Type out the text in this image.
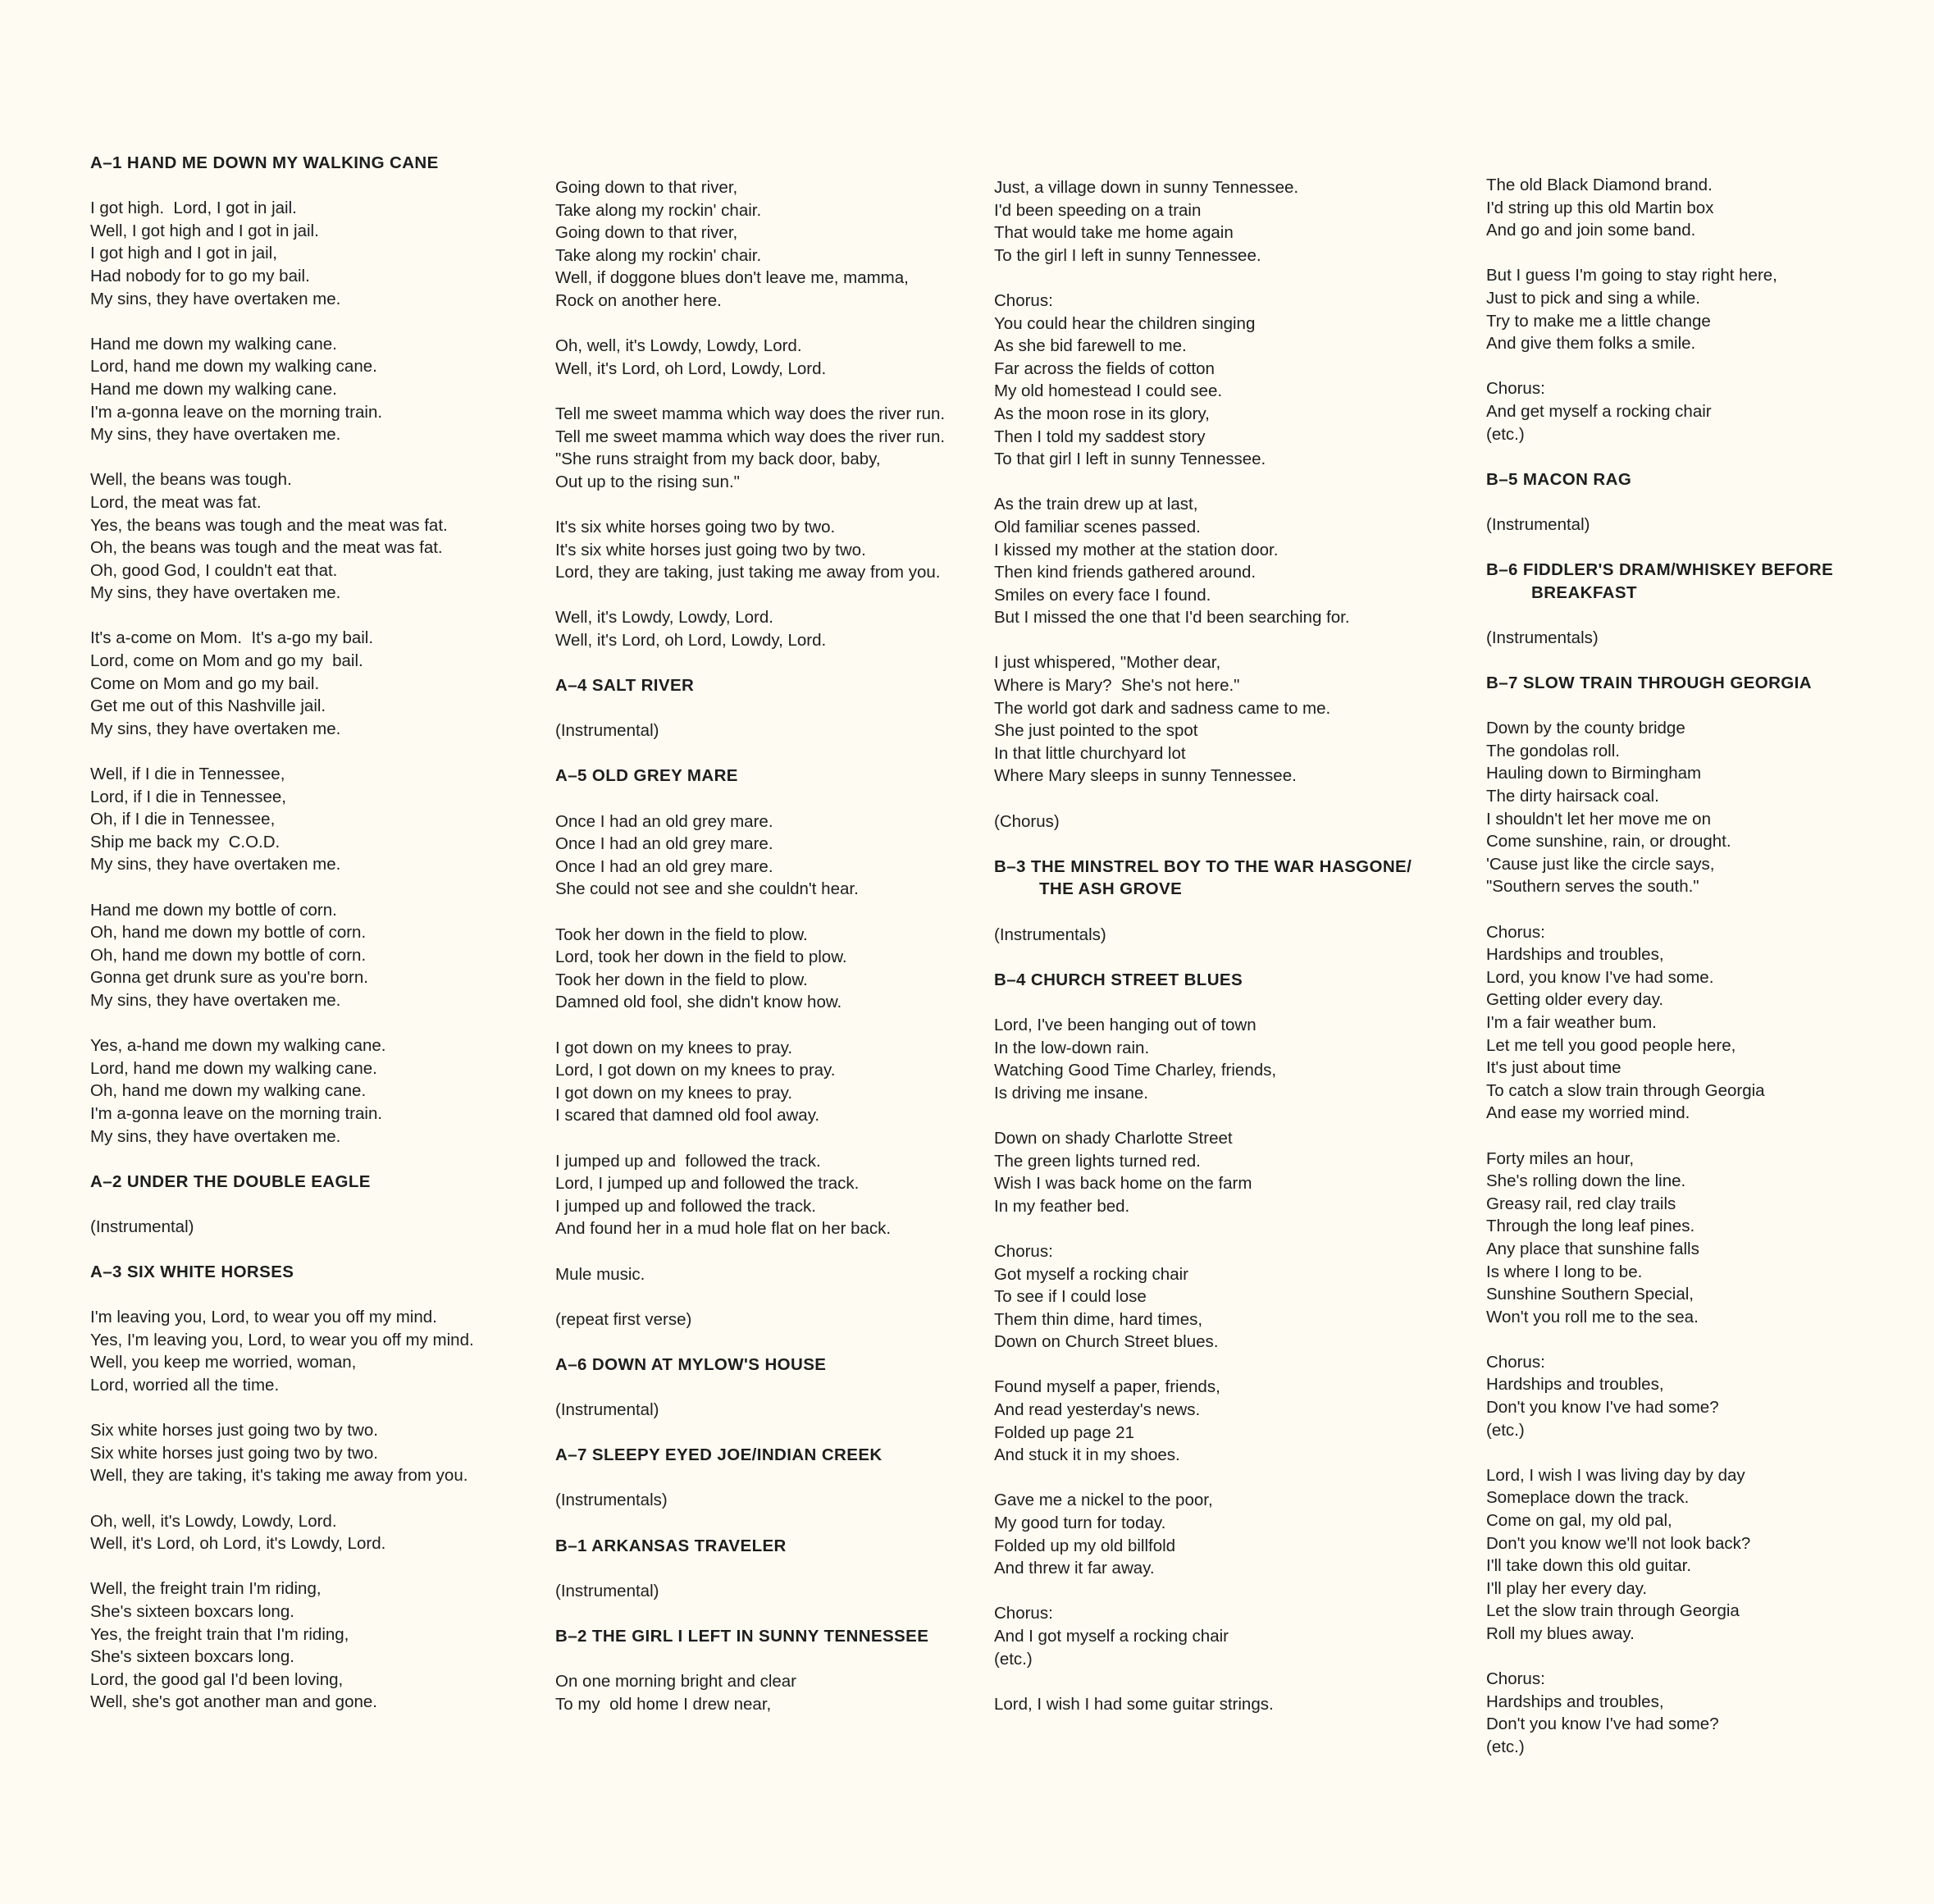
A–1 HAND ME DOWN MY WALKING CANE
I got high.  Lord, I got in jail.
Well, I got high and I got in jail.
I got high and I got in jail,
Had nobody for to go my bail.
My sins, they have overtaken me.
Hand me down my walking cane.
Lord, hand me down my walking cane.
Hand me down my walking cane.
I'm a-gonna leave on the morning train.
My sins, they have overtaken me.
Well, the beans was tough.
Lord, the meat was fat.
Yes, the beans was tough and the meat was fat.
Oh, the beans was tough and the meat was fat.
Oh, good God, I couldn't eat that.
My sins, they have overtaken me.
It's a-come on Mom.  It's a-go my bail.
Lord, come on Mom and go my  bail.
Come on Mom and go my bail.
Get me out of this Nashville jail.
My sins, they have overtaken me.
Well, if I die in Tennessee,
Lord, if I die in Tennessee,
Oh, if I die in Tennessee,
Ship me back my  C.O.D.
My sins, they have overtaken me.
Hand me down my bottle of corn.
Oh, hand me down my bottle of corn.
Oh, hand me down my bottle of corn.
Gonna get drunk sure as you're born.
My sins, they have overtaken me.
Yes, a-hand me down my walking cane.
Lord, hand me down my walking cane.
Oh, hand me down my walking cane.
I'm a-gonna leave on the morning train.
My sins, they have overtaken me.
A–2 UNDER THE DOUBLE EAGLE
(Instrumental)
A–3 SIX WHITE HORSES
I'm leaving you, Lord, to wear you off my mind.
Yes, I'm leaving you, Lord, to wear you off my mind.
Well, you keep me worried, woman,
Lord, worried all the time.
Six white horses just going two by two.
Six white horses just going two by two.
Well, they are taking, it's taking me away from you.
Oh, well, it's Lowdy, Lowdy, Lord.
Well, it's Lord, oh Lord, it's Lowdy, Lord.
Well, the freight train I'm riding,
She's sixteen boxcars long.
Yes, the freight train that I'm riding,
She's sixteen boxcars long.
Lord, the good gal I'd been loving,
Well, she's got another man and gone.
Going down to that river,
Take along my rockin' chair.
Going down to that river,
Take along my rockin' chair.
Well, if doggone blues don't leave me, mamma,
Rock on another here.
Oh, well, it's Lowdy, Lowdy, Lord.
Well, it's Lord, oh Lord, Lowdy, Lord.
Tell me sweet mamma which way does the river run.
Tell me sweet mamma which way does the river run.
"She runs straight from my back door, baby,
Out up to the rising sun."
It's six white horses going two by two.
It's six white horses just going two by two.
Lord, they are taking, just taking me away from you.
Well, it's Lowdy, Lowdy, Lord.
Well, it's Lord, oh Lord, Lowdy, Lord.
A–4 SALT RIVER
(Instrumental)
A–5 OLD GREY MARE
Once I had an old grey mare.
Once I had an old grey mare.
Once I had an old grey mare.
She could not see and she couldn't hear.
Took her down in the field to plow.
Lord, took her down in the field to plow.
Took her down in the field to plow.
Damned old fool, she didn't know how.
I got down on my knees to pray.
Lord, I got down on my knees to pray.
I got down on my knees to pray.
I scared that damned old fool away.
I jumped up and  followed the track.
Lord, I jumped up and followed the track.
I jumped up and followed the track.
And found her in a mud hole flat on her back.
Mule music.
(repeat first verse)
A–6 DOWN AT MYLOW'S HOUSE
(Instrumental)
A–7 SLEEPY EYED JOE/INDIAN CREEK
(Instrumentals)
B–1 ARKANSAS TRAVELER
(Instrumental)
B–2 THE GIRL I LEFT IN SUNNY TENNESSEE
On one morning bright and clear
To my  old home I drew near,
Just, a village down in sunny Tennessee.
I'd been speeding on a train
That would take me home again
To the girl I left in sunny Tennessee.
Chorus:
You could hear the children singing
As she bid farewell to me.
Far across the fields of cotton
My old homestead I could see.
As the moon rose in its glory,
Then I told my saddest story
To that girl I left in sunny Tennessee.
As the train drew up at last,
Old familiar scenes passed.
I kissed my mother at the station door.
Then kind friends gathered around.
Smiles on every face I found.
But I missed the one that I'd been searching for.
I just whispered, "Mother dear,
Where is Mary?  She's not here."
The world got dark and sadness came to me.
She just pointed to the spot
In that little churchyard lot
Where Mary sleeps in sunny Tennessee.
(Chorus)
B–3 THE MINSTREL BOY TO THE WAR HASGONE/
THE ASH GROVE
(Instrumentals)
B–4 CHURCH STREET BLUES
Lord, I've been hanging out of town
In the low-down rain.
Watching Good Time Charley, friends,
Is driving me insane.
Down on shady Charlotte Street
The green lights turned red.
Wish I was back home on the farm
In my feather bed.
Chorus:
Got myself a rocking chair
To see if I could lose
Them thin dime, hard times,
Down on Church Street blues.
Found myself a paper, friends,
And read yesterday's news.
Folded up page 21
And stuck it in my shoes.
Gave me a nickel to the poor,
My good turn for today.
Folded up my old billfold
And threw it far away.
Chorus:
And I got myself a rocking chair
(etc.)
Lord, I wish I had some guitar strings.
The old Black Diamond brand.
I'd string up this old Martin box
And go and join some band.
But I guess I'm going to stay right here,
Just to pick and sing a while.
Try to make me a little change
And give them folks a smile.
Chorus:
And get myself a rocking chair
(etc.)
B–5 MACON RAG
(Instrumental)
B–6 FIDDLER'S DRAM/WHISKEY BEFORE
BREAKFAST
(Instrumentals)
B–7 SLOW TRAIN THROUGH GEORGIA
Down by the county bridge
The gondolas roll.
Hauling down to Birmingham
The dirty hairsack coal.
I shouldn't let her move me on
Come sunshine, rain, or drought.
'Cause just like the circle says,
"Southern serves the south."
Chorus:
Hardships and troubles,
Lord, you know I've had some.
Getting older every day.
I'm a fair weather bum.
Let me tell you good people here,
It's just about time
To catch a slow train through Georgia
And ease my worried mind.
Forty miles an hour,
She's rolling down the line.
Greasy rail, red clay trails
Through the long leaf pines.
Any place that sunshine falls
Is where I long to be.
Sunshine Southern Special,
Won't you roll me to the sea.
Chorus:
Hardships and troubles,
Don't you know I've had some?
(etc.)
Lord, I wish I was living day by day
Someplace down the track.
Come on gal, my old pal,
Don't you know we'll not look back?
I'll take down this old guitar.
I'll play her every day.
Let the slow train through Georgia
Roll my blues away.
Chorus:
Hardships and troubles,
Don't you know I've had some?
(etc.)
